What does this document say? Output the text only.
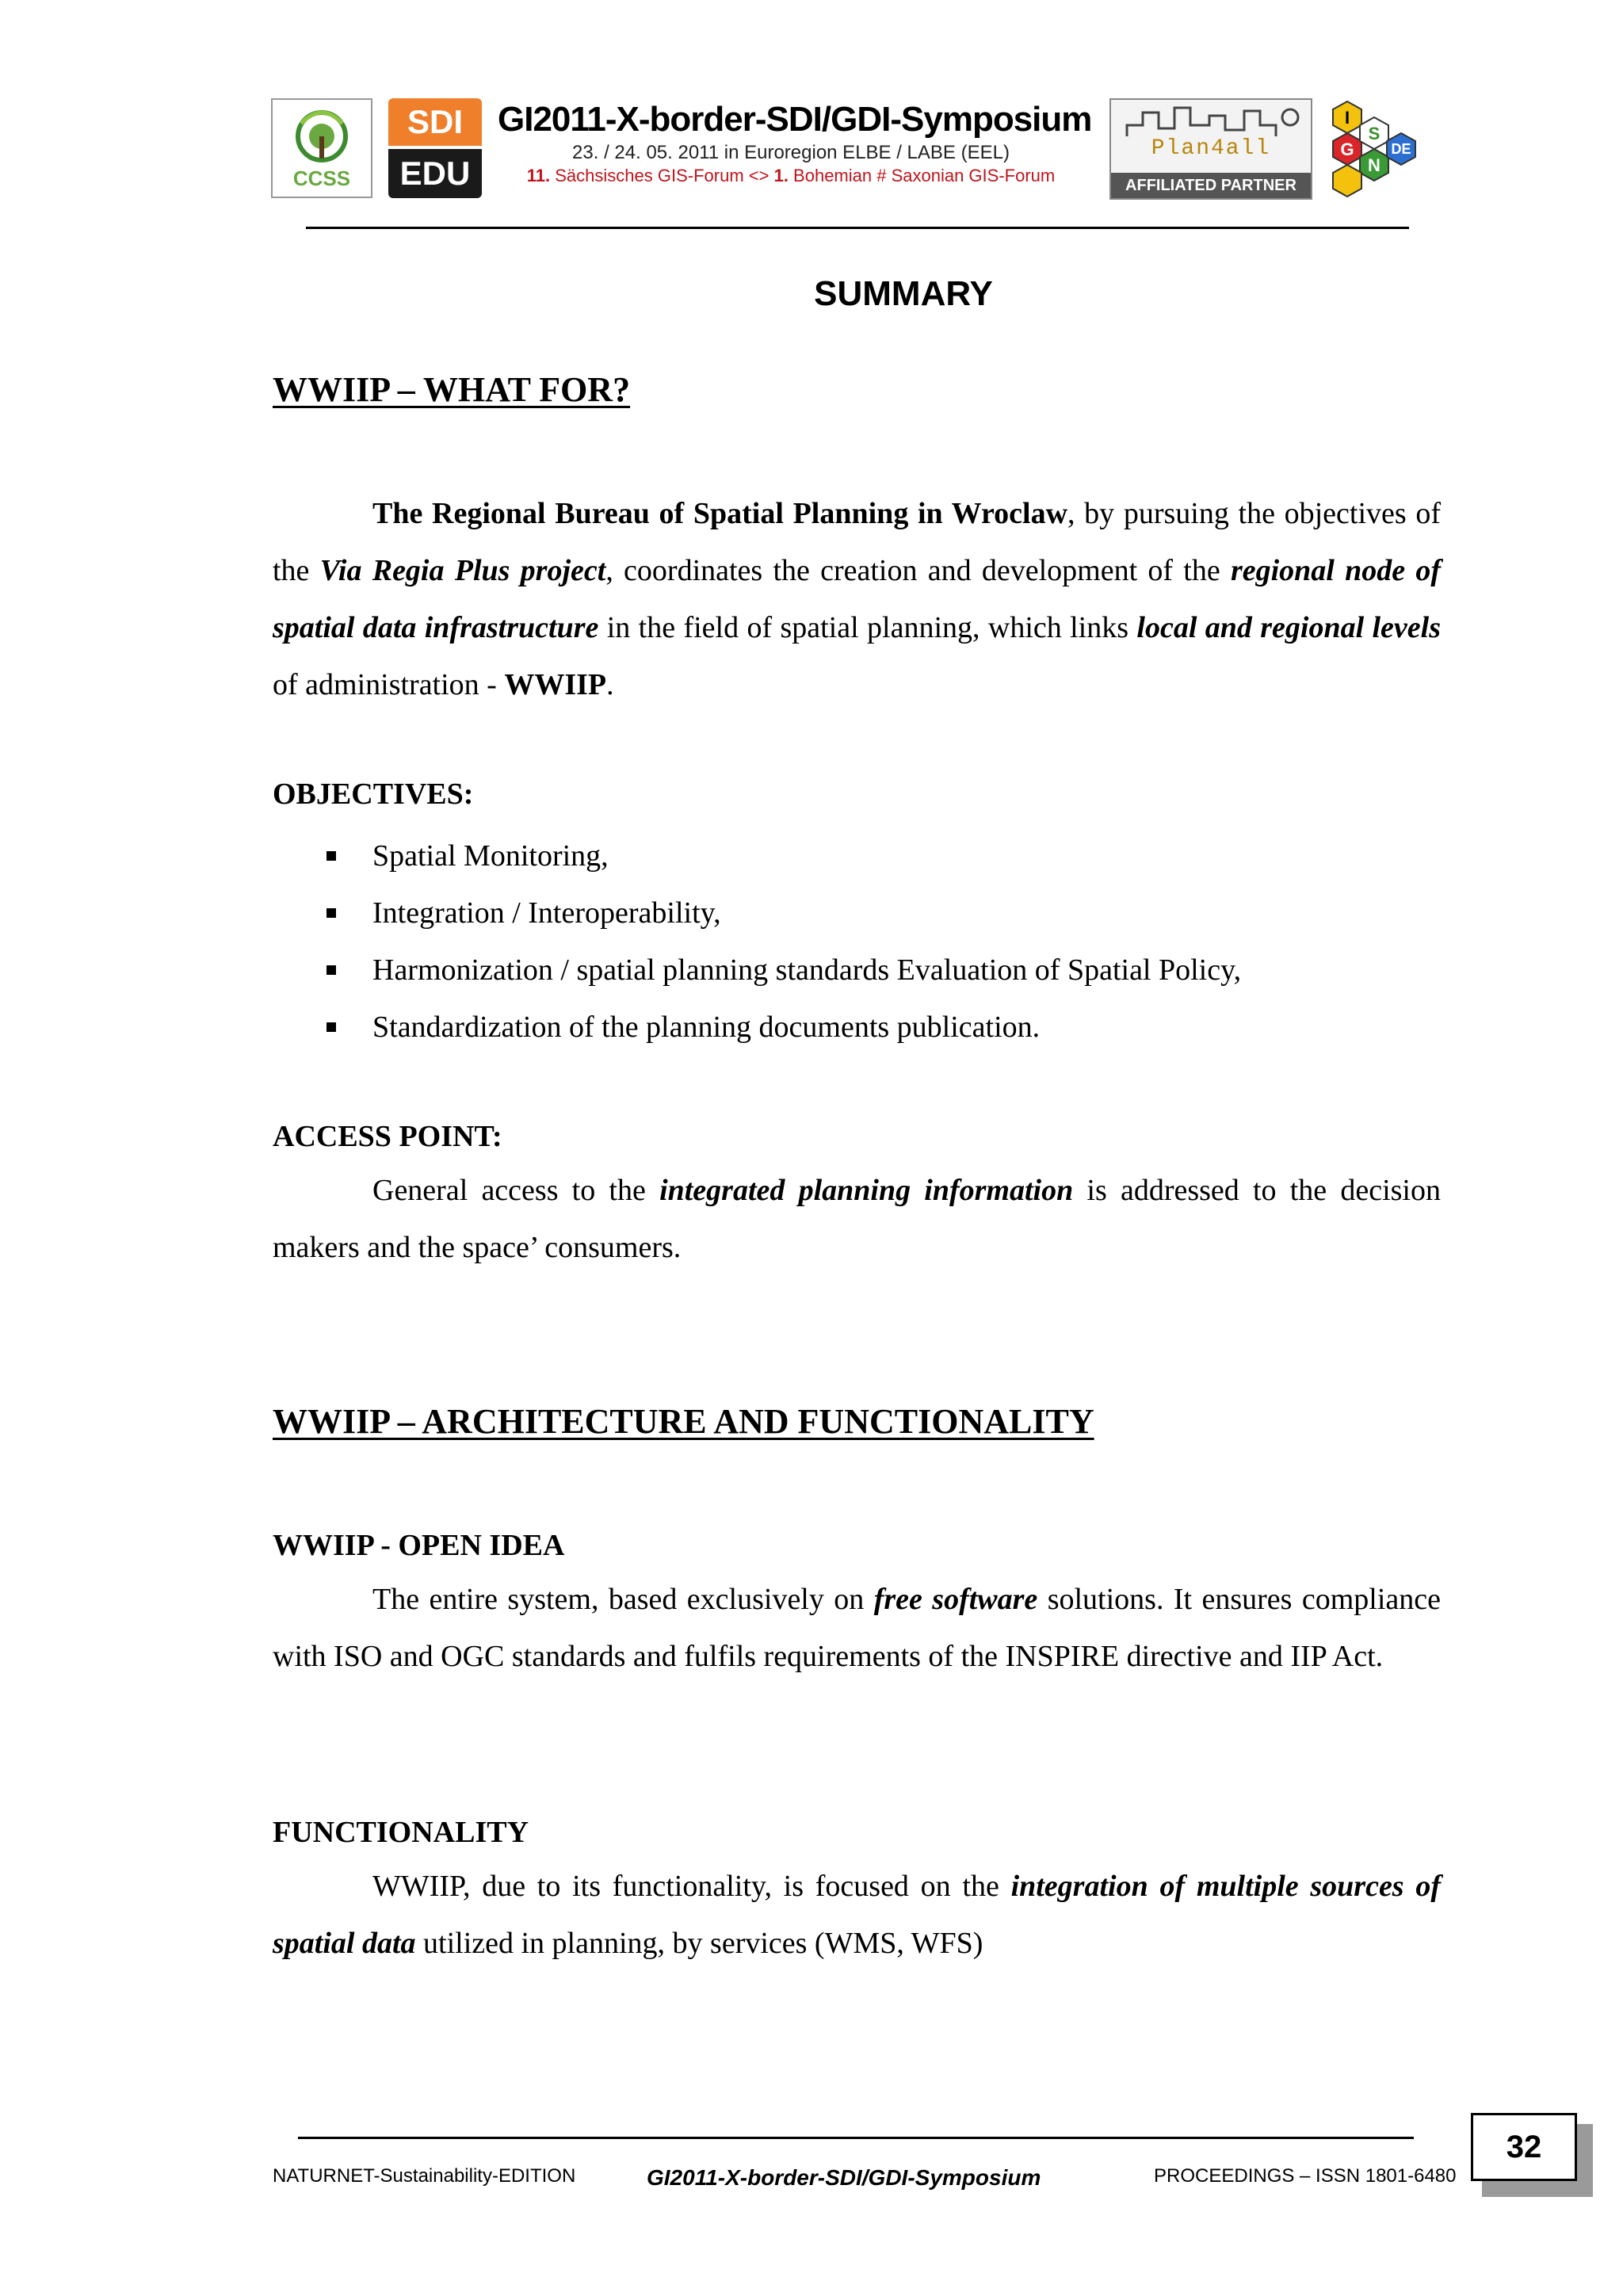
CCSS
SDI
EDU
GI2011-X-border-SDI/GDI-Symposium
23. / 24. 05. 2011 in Euroregion ELBE / LABE (EEL)
11. Sächsisches GIS-Forum <> 1. Bohemian # Saxonian GIS-Forum
Plan4all
AFFILIATED PARTNER
I
G
S
N
DE
SUMMARY
WWIIP – WHAT FOR?
The Regional Bureau of Spatial Planning in Wroclaw, by pursuing the objectives of the Via Regia Plus project, coordinates the creation and development of the regional node of spatial data infrastructure in the field of spatial planning, which links local and regional levels of administration - WWIIP.
OBJECTIVES:
Spatial Monitoring,
Integration / Interoperability,
Harmonization / spatial planning standards Evaluation of Spatial Policy,
Standardization of the planning documents publication.
ACCESS POINT:
General access to the integrated planning information is addressed to the decision makers and the space’ consumers.
WWIIP – ARCHITECTURE AND FUNCTIONALITY
WWIIP - OPEN IDEA
The entire system, based exclusively on free software solutions. It ensures compliance with ISO and OGC standards and fulfils requirements of the INSPIRE directive and IIP Act.
FUNCTIONALITY
WWIIP, due to its functionality, is focused on the integration of multiple sources of spatial data utilized in planning, by services (WMS, WFS)
NATURNET-Sustainability-EDITION	GI2011-X-border-SDI/GDI-Symposium	PROCEEDINGS – ISSN 1801-6480
32
